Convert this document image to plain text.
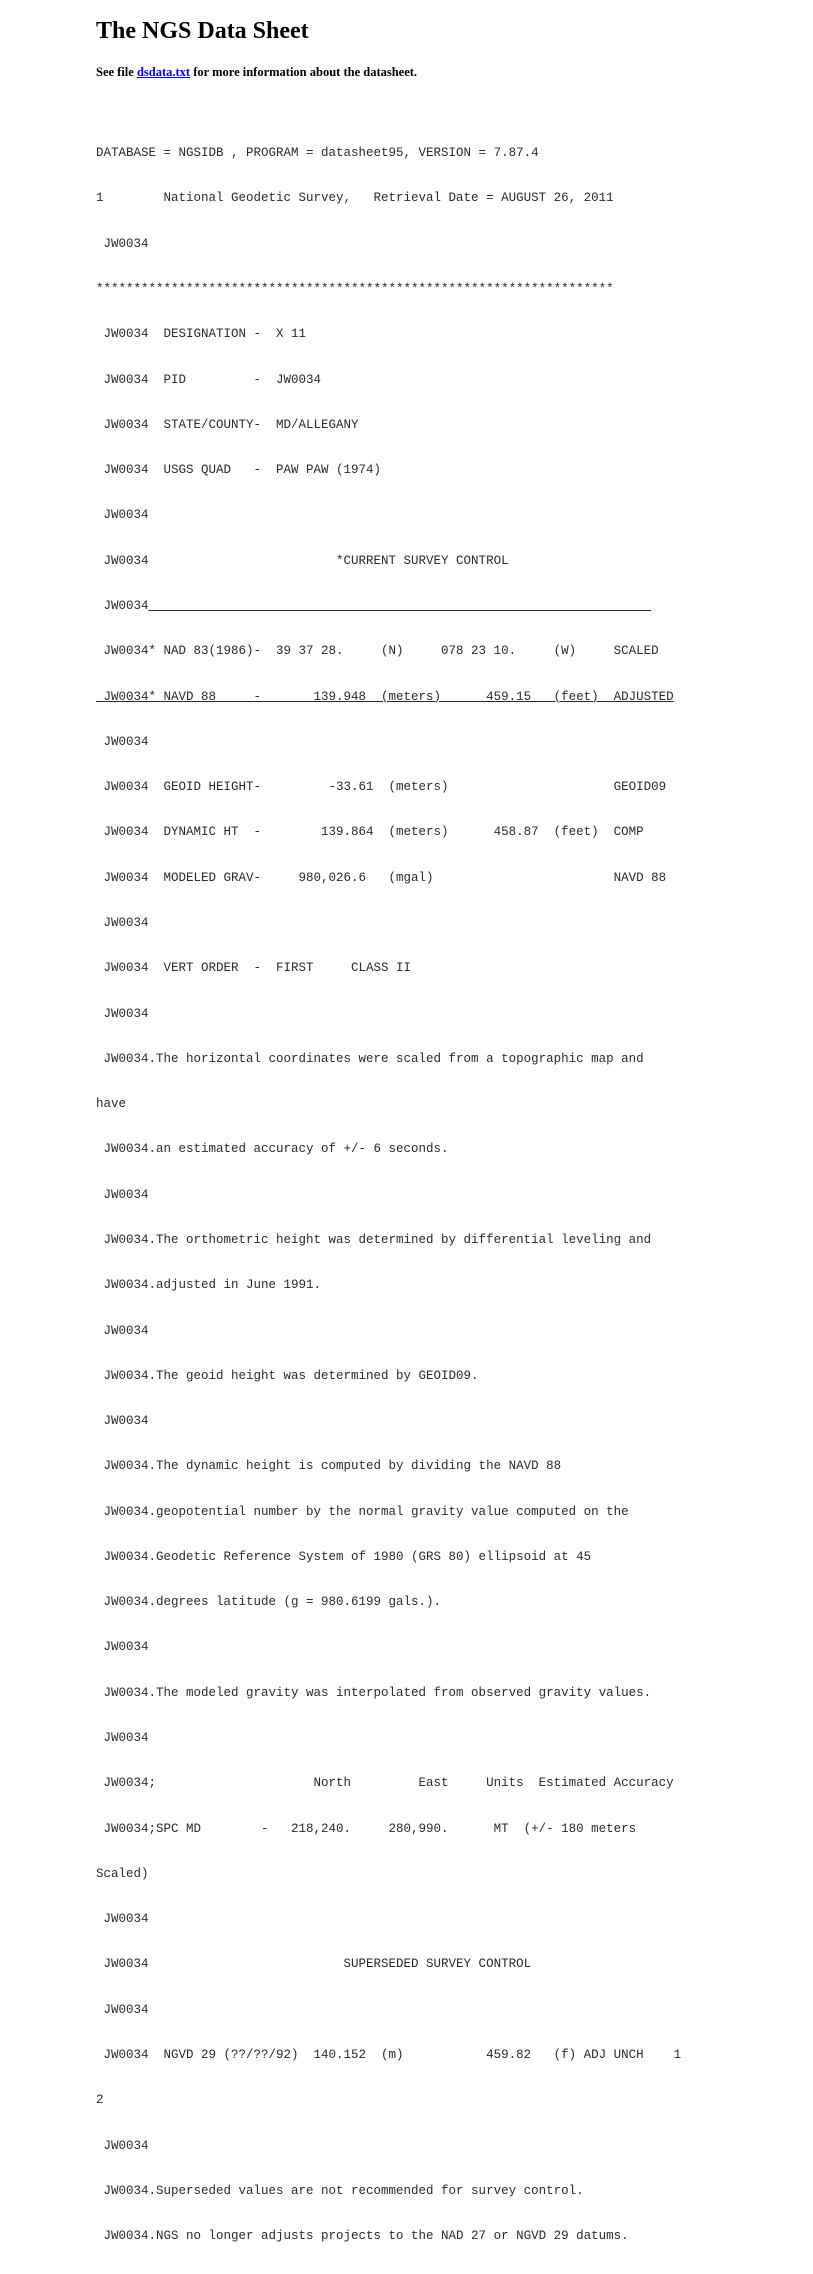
The NGS Data Sheet
See file dsdata.txt for more information about the datasheet.

DATABASE = NGSIDB , PROGRAM = datasheet95, VERSION = 7.87.4

1        National Geodetic Survey,   Retrieval Date = AUGUST 26, 2011

JW0034

*********************************************************************

JW0034  DESIGNATION -  X 11

JW0034  PID         -  JW0034

JW0034  STATE/COUNTY-  MD/ALLEGANY

JW0034  USGS QUAD   -  PAW PAW (1974)

JW0034

JW0034                         *CURRENT SURVEY CONTROL

JW0034

JW0034* NAD 83(1986)-  39 37 28.     (N)     078 23 10.     (W)     SCALED

JW0034* NAVD 88     -       139.948  (meters)      459.15   (feet)  ADJUSTED

JW0034

JW0034  GEOID HEIGHT-         -33.61  (meters)                      GEOID09

JW0034  DYNAMIC HT  -        139.864  (meters)      458.87  (feet)  COMP

JW0034  MODELED GRAV-     980,026.6   (mgal)                        NAVD 88

JW0034

JW0034  VERT ORDER  -  FIRST     CLASS II

JW0034

JW0034.The horizontal coordinates were scaled from a topographic map and

have

JW0034.an estimated accuracy of +/- 6 seconds.

JW0034

JW0034.The orthometric height was determined by differential leveling and

JW0034.adjusted in June 1991.

JW0034

JW0034.The geoid height was determined by GEOID09.

JW0034

JW0034.The dynamic height is computed by dividing the NAVD 88

JW0034.geopotential number by the normal gravity value computed on the

JW0034.Geodetic Reference System of 1980 (GRS 80) ellipsoid at 45

JW0034.degrees latitude (g = 980.6199 gals.).

JW0034

JW0034.The modeled gravity was interpolated from observed gravity values.

JW0034

JW0034;                     North         East     Units  Estimated Accuracy

JW0034;SPC MD        -   218,240.     280,990.      MT  (+/- 180 meters

Scaled)

JW0034

JW0034                          SUPERSEDED SURVEY CONTROL

JW0034

JW0034  NGVD 29 (??/??/92)  140.152  (m)           459.82   (f) ADJ UNCH    1

2

JW0034

JW0034.Superseded values are not recommended for survey control.

JW0034.NGS no longer adjusts projects to the NAD 27 or NGVD 29 datums.
